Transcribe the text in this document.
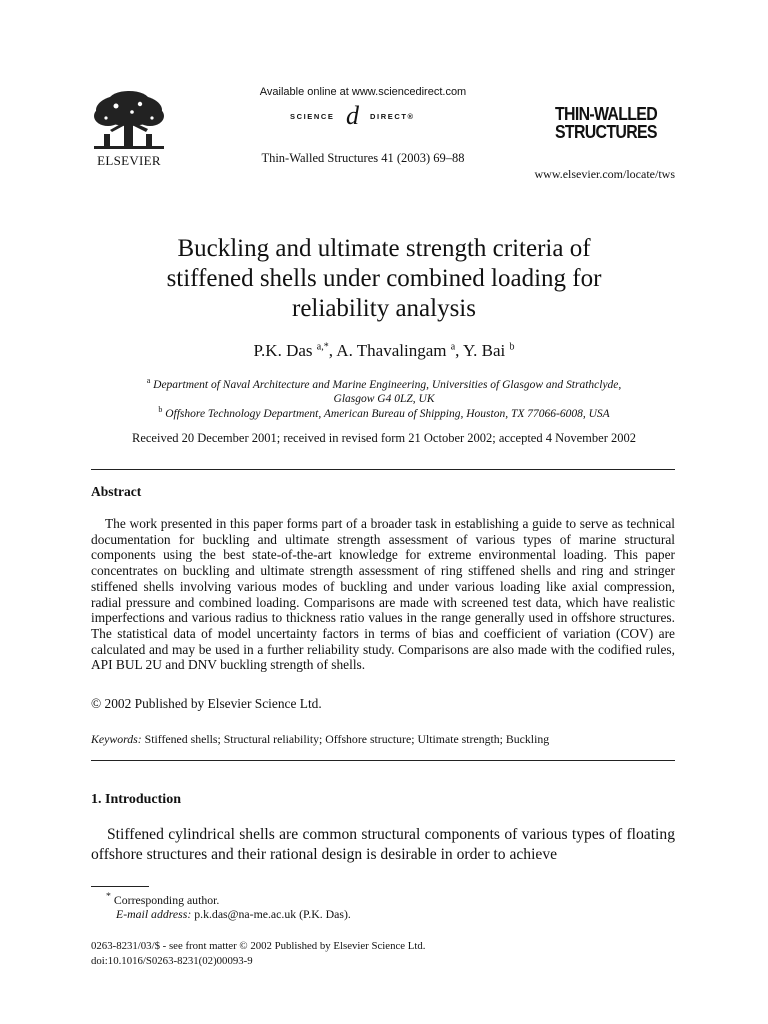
ELSEVIER
Available online at www.sciencedirect.com
SCIENCE d DIRECT®
Thin-Walled Structures 41 (2003) 69–88
THIN-WALLED
STRUCTURES
www.elsevier.com/locate/tws
Buckling and ultimate strength criteria of
stiffened shells under combined loading for
reliability analysis
P.K. Das $^{a,*}$, A. Thavalingam $^a$, Y. Bai $^b$
$^a$ Department of Naval Architecture and Marine Engineering, Universities of Glasgow and Strathclyde,
Glasgow G4 0LZ, UK
$^b$ Offshore Technology Department, American Bureau of Shipping, Houston, TX 77066-6008, USA
Received 20 December 2001; received in revised form 21 October 2002; accepted 4 November 2002
Abstract
The work presented in this paper forms part of a broader task in establishing a guide to serve as technical documentation for buckling and ultimate strength assessment of various types of marine structural components using the best state-of-the-art knowledge for extreme environmental loading. This paper concentrates on buckling and ultimate strength assessment of ring stiffened shells and ring and stringer stiffened shells involving various modes of buckling and under various loading like axial compression, radial pressure and combined loading. Comparisons are made with screened test data, which have realistic imperfections and various radius to thickness ratio values in the range generally used in offshore structures. The statistical data of model uncertainty factors in terms of bias and coefficient of variation (COV) are calculated and may be used in a further reliability study. Comparisons are also made with the codified rules, API BUL 2U and DNV buckling strength of shells.
© 2002 Published by Elsevier Science Ltd.
Keywords: Stiffened shells; Structural reliability; Offshore structure; Ultimate strength; Buckling
1. Introduction
Stiffened cylindrical shells are common structural components of various types of floating offshore structures and their rational design is desirable in order to achieve
* Corresponding author.
E-mail address: p.k.das@na-me.ac.uk (P.K. Das).
0263-8231/03/$ - see front matter © 2002 Published by Elsevier Science Ltd.
doi:10.1016/S0263-8231(02)00093-9
